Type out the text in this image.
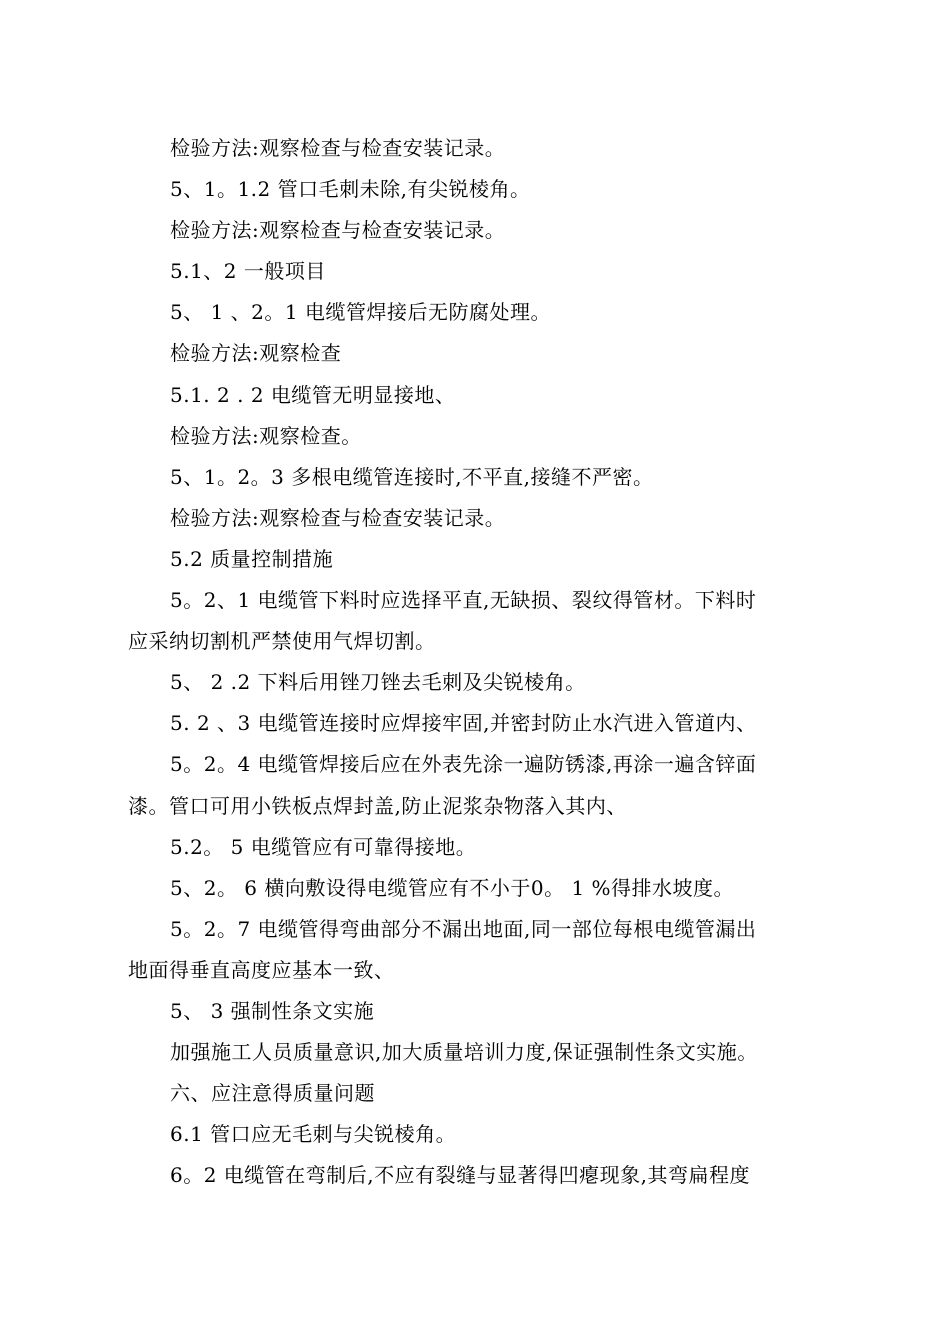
检验方法:观察检查与检查安装记录。
5、1。1.2 管口毛刺未除,有尖锐棱角。
检验方法:观察检查与检查安装记录。
5.1、2 一般项目
5、 1 、2。1 电缆管焊接后无防腐处理。
检验方法:观察检查
5.1. 2 . 2 电缆管无明显接地、
检验方法:观察检查。
5、1。2。3 多根电缆管连接时,不平直,接缝不严密。
检验方法:观察检查与检查安装记录。
5.2 质量控制措施
5。2、1 电缆管下料时应选择平直,无缺损、裂纹得管材。下料时
应采纳切割机严禁使用气焊切割。
5、 2 .2 下料后用锉刀锉去毛刺及尖锐棱角。
5. 2 、3 电缆管连接时应焊接牢固,并密封防止水汽进入管道内、
5。2。4 电缆管焊接后应在外表先涂一遍防锈漆,再涂一遍含锌面
漆。管口可用小铁板点焊封盖,防止泥浆杂物落入其内、
5.2。 5 电缆管应有可靠得接地。
5、2。 6 横向敷设得电缆管应有不小于0。 1 %得排水坡度。
5。2。7 电缆管得弯曲部分不漏出地面,同一部位每根电缆管漏出
地面得垂直高度应基本一致、
5、 3 强制性条文实施
加强施工人员质量意识,加大质量培训力度,保证强制性条文实施。
六、应注意得质量问题
6.1 管口应无毛刺与尖锐棱角。
6。2 电缆管在弯制后,不应有裂缝与显著得凹瘪现象,其弯扁程度
